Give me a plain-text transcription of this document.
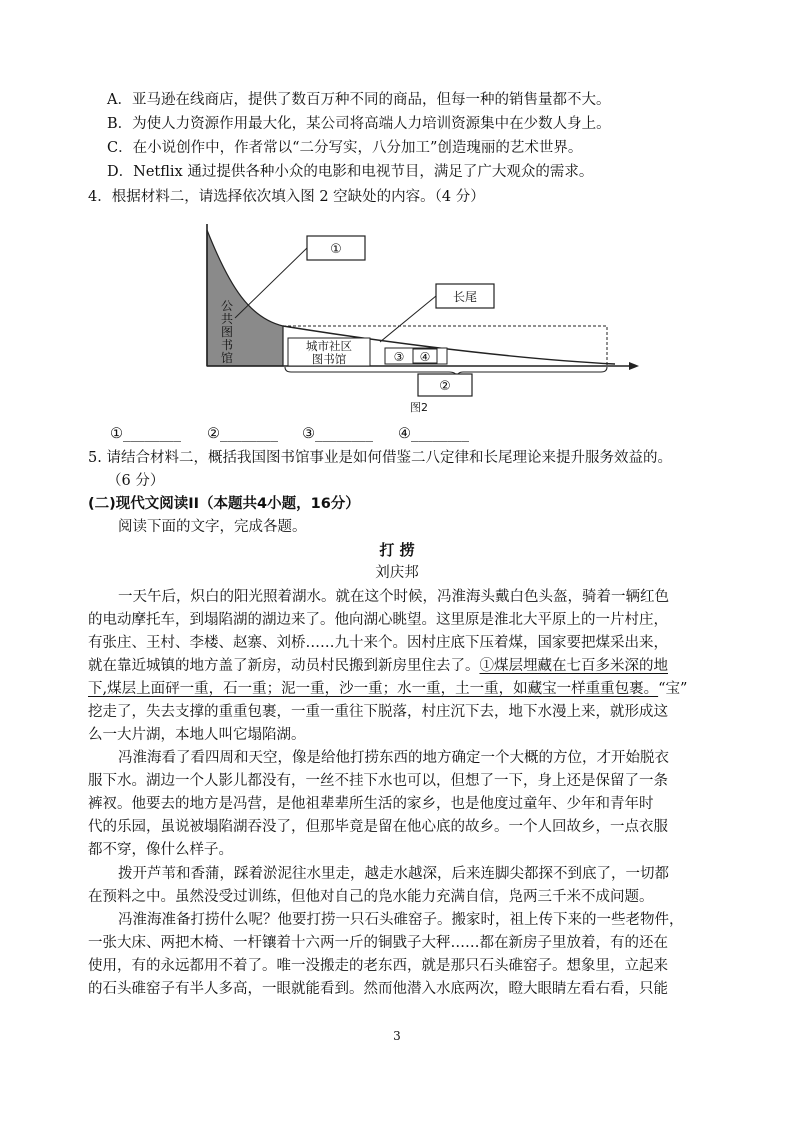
A．亚马逊在线商店，提供了数百万种不同的商品，但每一种的销售量都不大。
B．为使人力资源作用最大化，某公司将高端人力培训资源集中在少数人身上。
C．在小说创作中，作者常以“二分写实，八分加工”创造瑰丽的艺术世界。
D．Netflix 通过提供各种小众的电影和电视节目，满足了广大观众的需求。
4．根据材料二，请选择依次填入图 2 空缺处的内容。（4 分）
公
共
图
书
馆
①
长尾
城市社区
图书馆	③ ④
②
图2
①________ ②________ ③________ ④________
5. 请结合材料二，概括我国图书馆事业是如何借鉴二八定律和长尾理论来提升服务效益的。
（6 分）
(二)现代文阅读II（本题共4小题，16分）
阅读下面的文字，完成各题。
打 捞
刘庆邦
一天午后，炽白的阳光照着湖水。就在这个时候，冯淮海头戴白色头盔，骑着一辆红色
的电动摩托车，到塌陷湖的湖边来了。他向湖心眺望。这里原是淮北大平原上的一片村庄，
有张庄、王村、李楼、赵寨、刘桥……九十来个。因村庄底下压着煤，国家要把煤采出来，
就在靠近城镇的地方盖了新房，动员村民搬到新房里住去了。①煤层埋藏在七百多米深的地
下,煤层上面砰一重，石一重；泥一重，沙一重；水一重，土一重，如藏宝一样重重包裹。“宝”
挖走了，失去支撑的重重包裹，一重一重往下脱落，村庄沉下去，地下水漫上来，就形成这
么一大片湖，本地人叫它塌陷湖。
冯淮海看了看四周和天空，像是给他打捞东西的地方确定一个大概的方位，才开始脱衣
服下水。湖边一个人影儿都没有，一丝不挂下水也可以，但想了一下，身上还是保留了一条
裤衩。他要去的地方是冯营，是他祖辈辈所生活的家乡，也是他度过童年、少年和青年时
代的乐园，虽说被塌陷湖吞没了，但那毕竟是留在他心底的故乡。一个人回故乡，一点衣服
都不穿，像什么样子。
拨开芦苇和香蒲，踩着淤泥往水里走，越走水越深，后来连脚尖都探不到底了，一切都
在预料之中。虽然没受过训练，但他对自己的凫水能力充满自信，凫两三千米不成问题。
冯淮海准备打捞什么呢？他要打捞一只石头碓窑子。搬家时，祖上传下来的一些老物件，
一张大床、两把木椅、一杆镶着十六两一斤的铜戥子大秤……都在新房子里放着，有的还在
使用，有的永远都用不着了。唯一没搬走的老东西，就是那只石头碓窑子。想象里，立起来
的石头碓窑子有半人多高，一眼就能看到。然而他潜入水底两次，瞪大眼睛左看右看，只能
3
